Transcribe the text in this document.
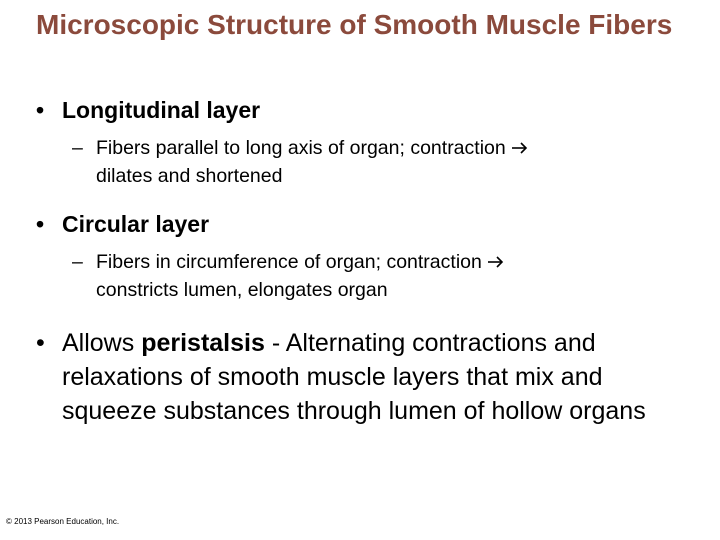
Microscopic Structure of Smooth Muscle Fibers
• Longitudinal layer
– Fibers parallel to long axis of organ; contraction
dilates and shortened
• Circular layer
– Fibers in circumference of organ; contraction
constricts lumen, elongates organ
• Allows peristalsis - Alternating contractions and relaxations of smooth muscle layers that mix and squeeze substances through lumen of hollow organs
© 2013 Pearson Education, Inc.
